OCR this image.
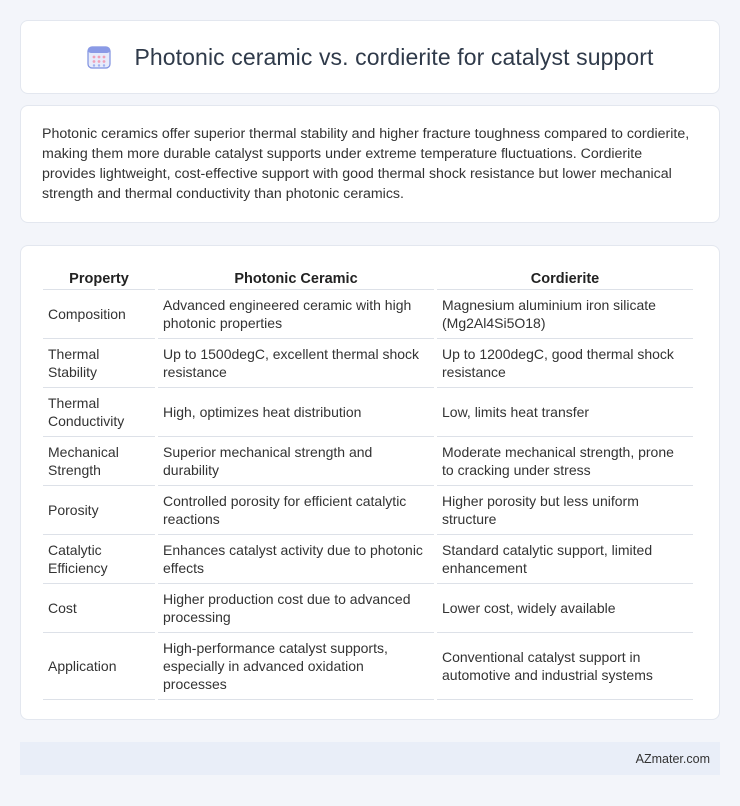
Photonic ceramic vs. cordierite for catalyst support

Photonic ceramics offer superior thermal stability and higher fracture toughness compared to cordierite, making them more durable catalyst supports under extreme temperature fluctuations. Cordierite provides lightweight, cost-effective support with good thermal shock resistance but lower mechanical strength and thermal conductivity than photonic ceramics.

Property	Photonic Ceramic	Cordierite
Composition	Advanced engineered ceramic with high photonic properties	Magnesium aluminium iron silicate (Mg2Al4Si5O18)
Thermal Stability	Up to 1500degC, excellent thermal shock resistance	Up to 1200degC, good thermal shock resistance
Thermal Conductivity	High, optimizes heat distribution	Low, limits heat transfer
Mechanical Strength	Superior mechanical strength and durability	Moderate mechanical strength, prone to cracking under stress
Porosity	Controlled porosity for efficient catalytic reactions	Higher porosity but less uniform structure
Catalytic Efficiency	Enhances catalyst activity due to photonic effects	Standard catalytic support, limited enhancement
Cost	Higher production cost due to advanced processing	Lower cost, widely available
Application	High-performance catalyst supports, especially in advanced oxidation processes	Conventional catalyst support in automotive and industrial systems
AZmater.com
